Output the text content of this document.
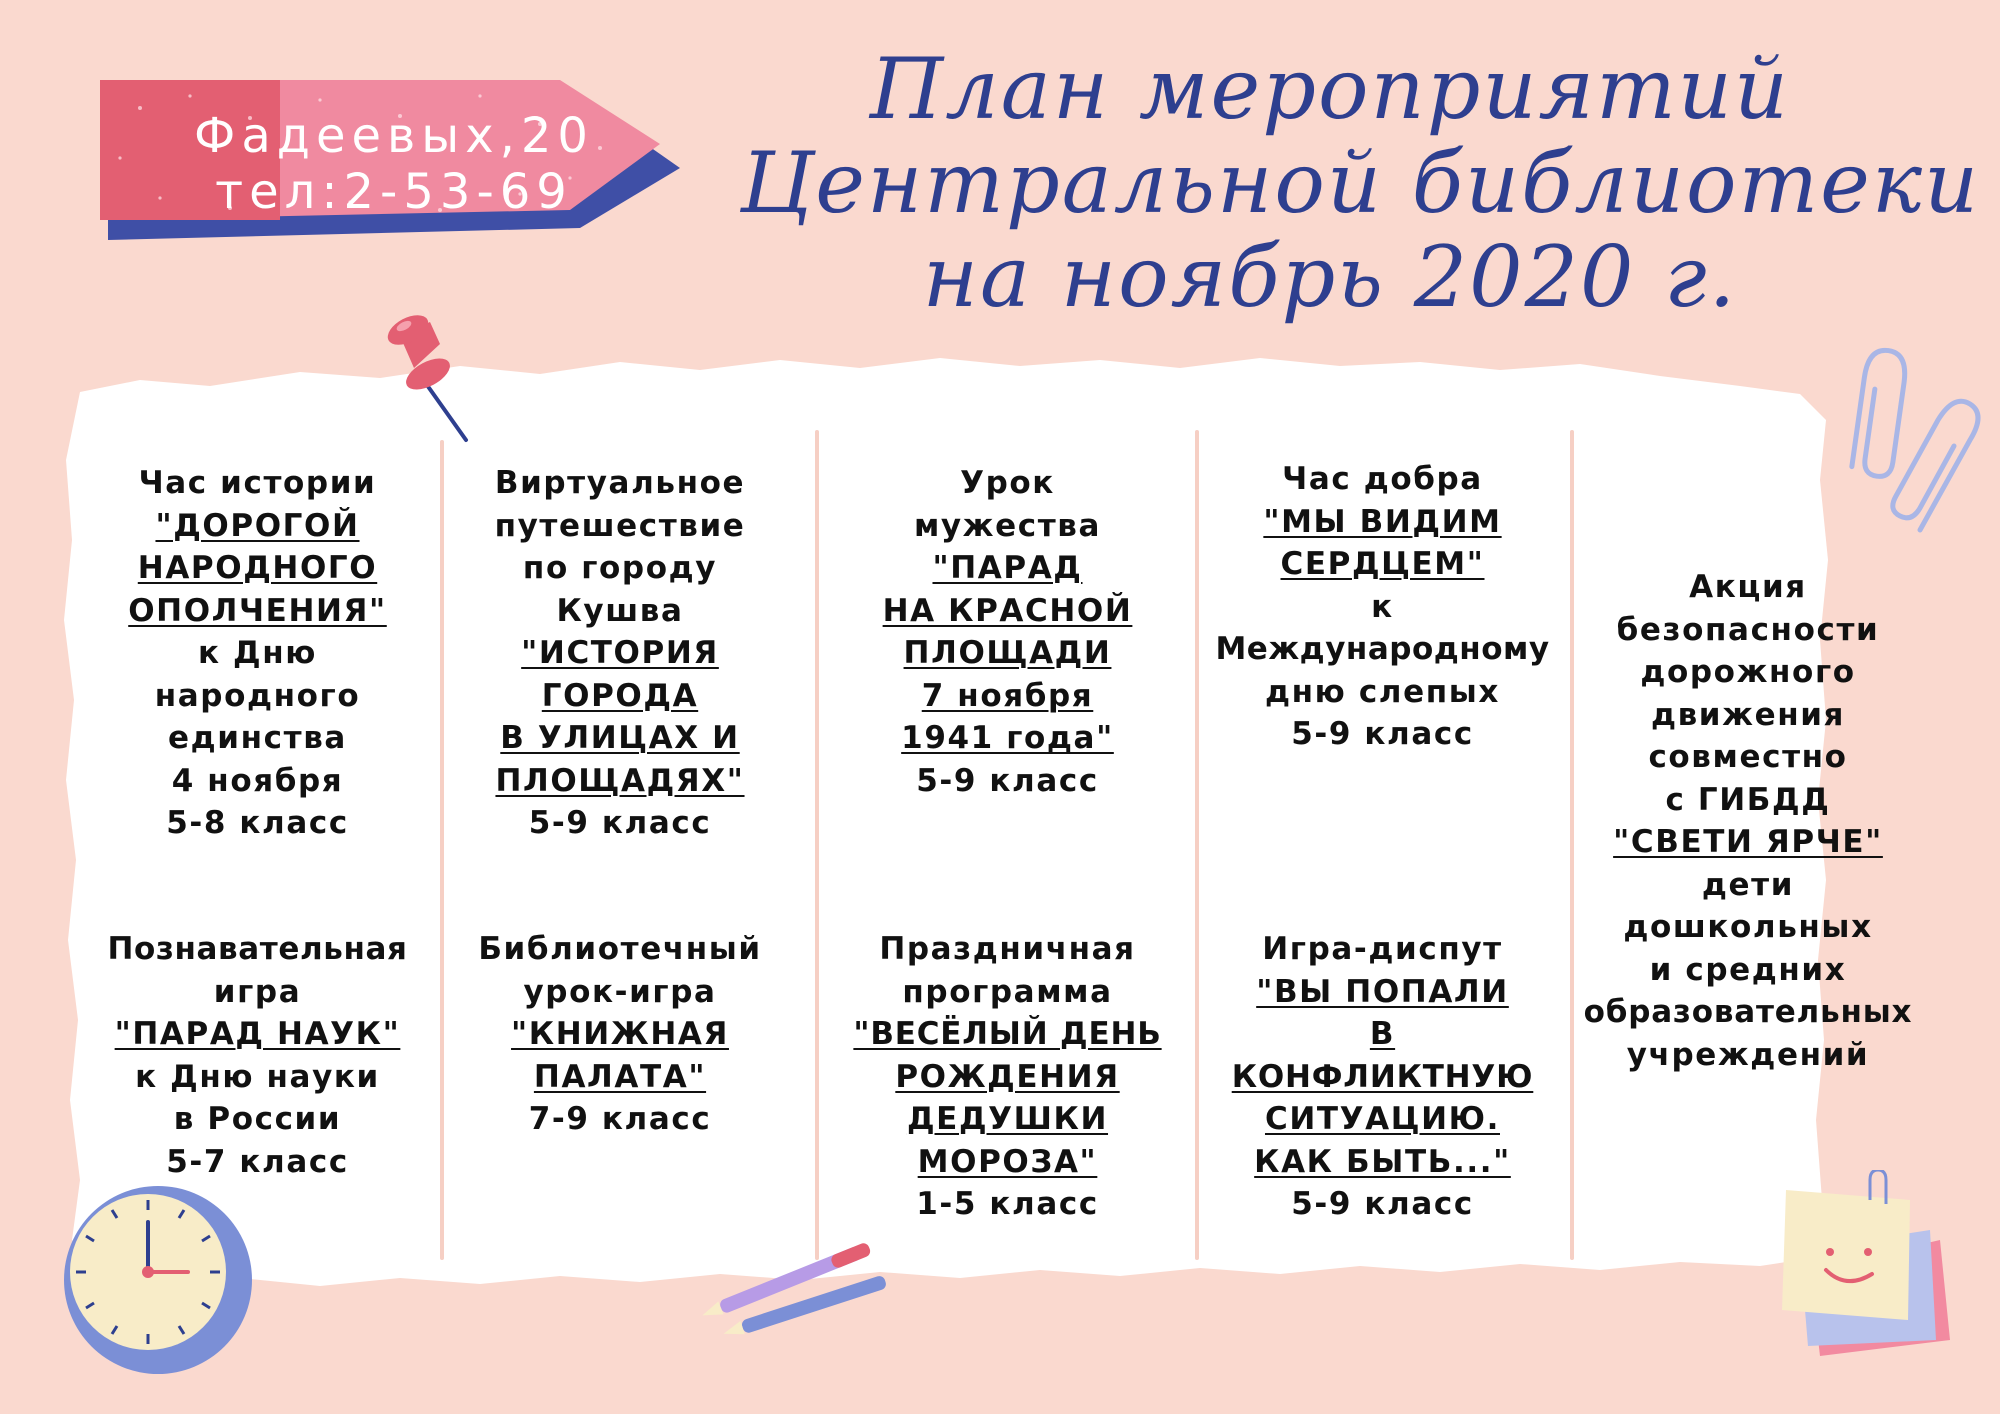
Фадеевых,20
тел:2-53-69
План мероприятий
Центральной библиотеки
на ноябрь 2020 г.
Час истории
"ДОРОГОЙ
НАРОДНОГО
ОПОЛЧЕНИЯ"
к Дню
народного
единства
4 ноября
5-8 класс
Виртуальное
путешествие
по городу
Кушва
"ИСТОРИЯ
ГОРОДА
В УЛИЦАХ И
ПЛОЩАДЯХ"
5-9 класс
Урок
мужества
"ПАРАД
НА КРАСНОЙ
ПЛОЩАДИ
7 ноября
1941 года"
5-9 класс
Час добра
"МЫ ВИДИМ
СЕРДЦЕМ"
к
Международному
дню слепых
5-9 класс
Акция
безопасности
дорожного
движения
совместно
с ГИБДД
"СВЕТИ ЯРЧЕ"
дети
дошкольных
и средних
образовательных
учреждений
Познавательная
игра
"ПАРАД НАУК"
к Дню науки
в России
5-7 класс
Библиотечный
урок-игра
"КНИЖНАЯ
ПАЛАТА"
7-9 класс
Праздничная
программа
"ВЕСЁЛЫЙ ДЕНЬ
РОЖДЕНИЯ
ДЕДУШКИ
МОРОЗА"
1-5 класс
Игра-диспут
"ВЫ ПОПАЛИ
В
КОНФЛИКТНУЮ
СИТУАЦИЮ.
КАК БЫТЬ..."
5-9 класс
